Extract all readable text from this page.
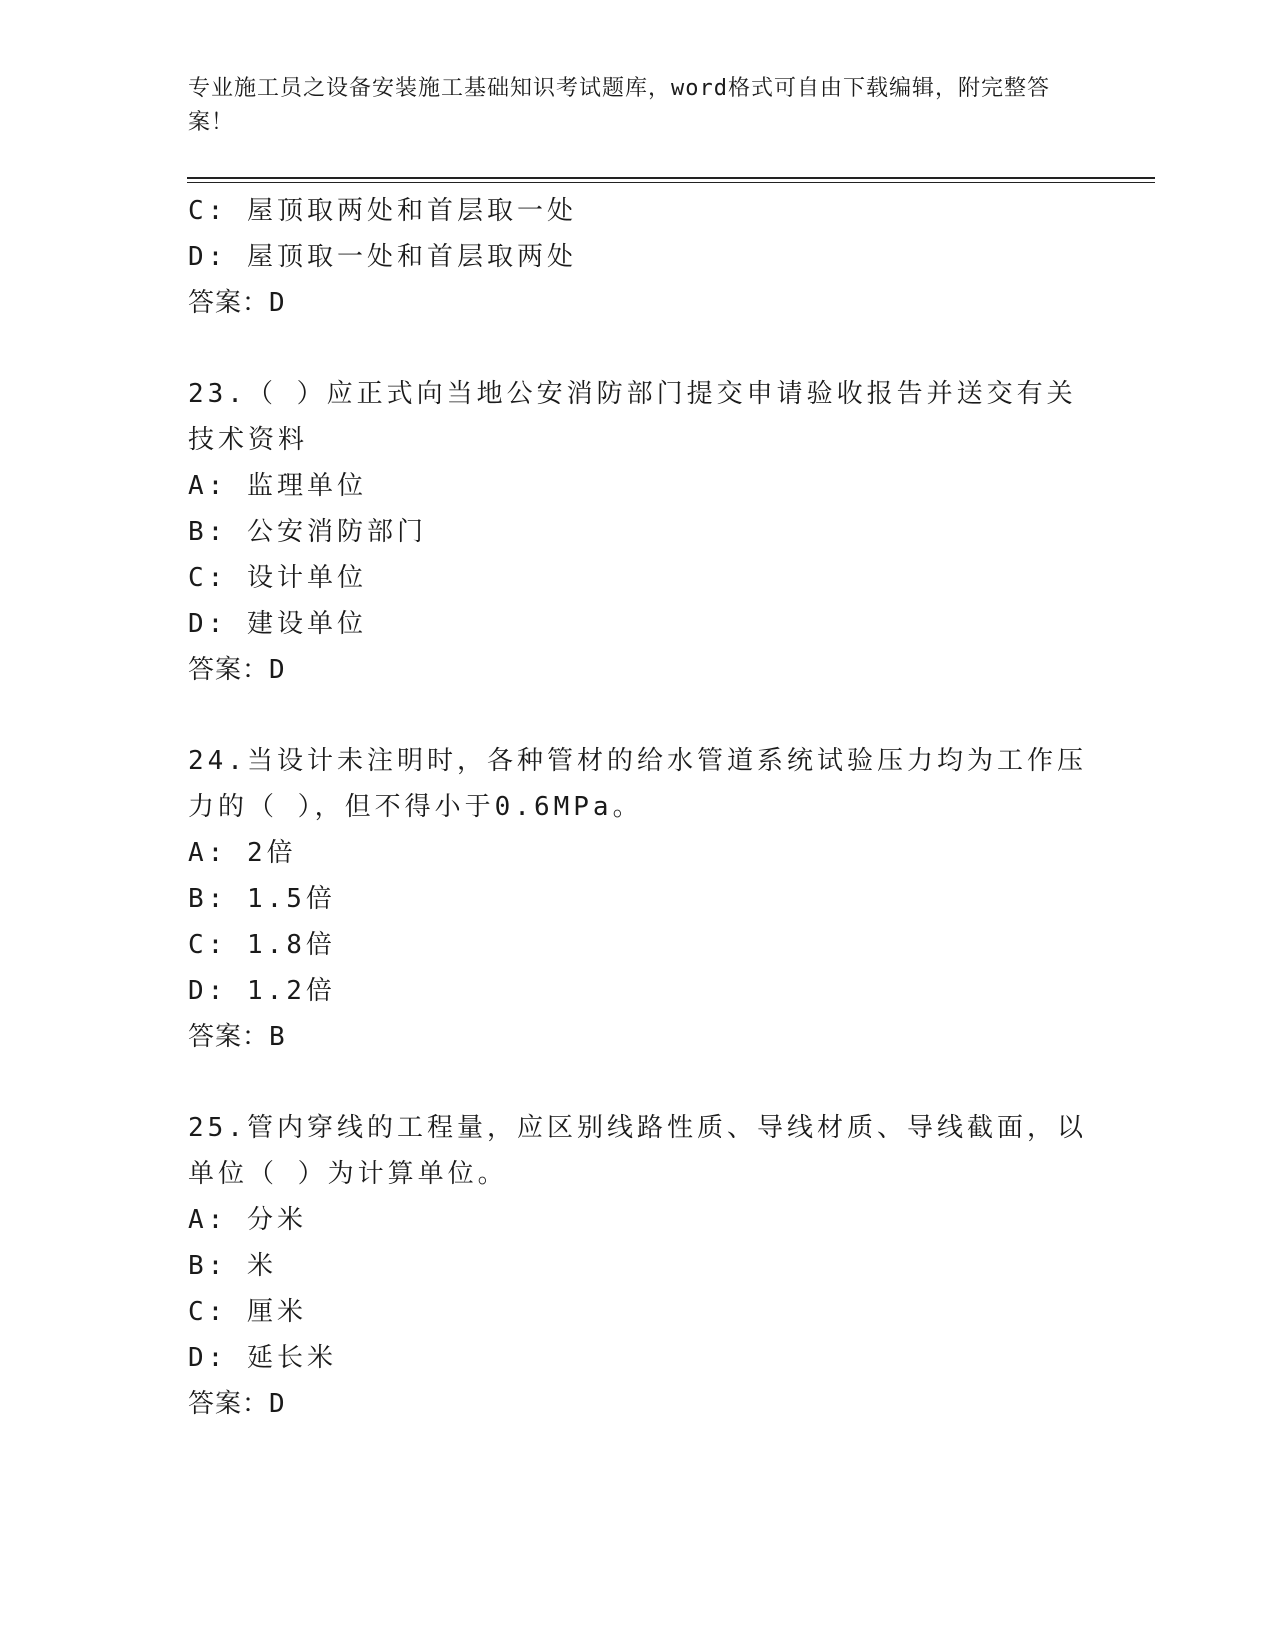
专业施工员之设备安装施工基础知识考试题库，word格式可自由下载编辑，附完整答案！
C: 屋顶取两处和首层取一处
D: 屋顶取一处和首层取两处
答案：D
23.（ ）应正式向当地公安消防部门提交申请验收报告并送交有关技术资料
A: 监理单位
B: 公安消防部门
C: 设计单位
D: 建设单位
答案：D
24.当设计未注明时，各种管材的给水管道系统试验压力均为工作压力的（ ），但不得小于0.6MPa。
A: 2倍
B: 1.5倍
C: 1.8倍
D: 1.2倍
答案：B
25.管内穿线的工程量，应区别线路性质、导线材质、导线截面，以单位（ ）为计算单位。
A: 分米
B: 米
C: 厘米
D: 延长米
答案：D
